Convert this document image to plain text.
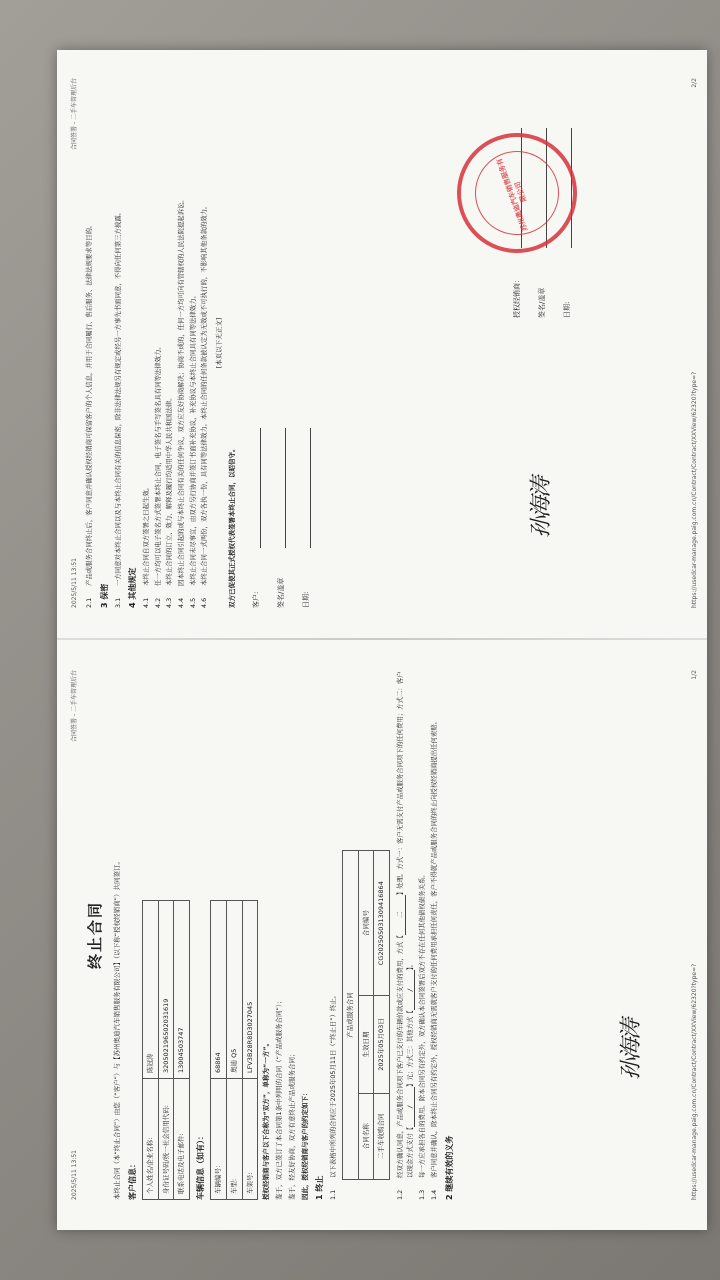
2025/5/11 13:51
合同签署 - 二手车管理后台
终止合同 本终止合同（本“终止合同”）由您（“客户”）与【苏州奥迪汽车销售服务有限公司】（以下称“授权经销商”）共同签订。 客户信息： 个人姓名/企业名称:	陈冠涛
身份证号码/统一社会信用代码:	320502196502031619
联系电话及电子邮件:	13004503747
车辆信息（如有）： 车辆编号：	68864
车型:	奥迪 Q5
车架号:	LFV3B28R8D3027045
授权经销商与客户以下合称为“双方”，单称为“一方”。 鉴于，双方已签订了本合同第1条中列明的合同（“产品或服务合同”）； 鉴于，经友好协商，双方有意终止产品或服务合同； 因此，授权经销商与客户的约定如下： 1 终止 1.1
以下表格中所列的合同应于2025年05月11日（“终止日”）终止。 产品或服务合同		
合同名称	生效日期	合同编号
二手车收购合同	2025年05月03日	CG202505031309416864
1.2
经双方确认同意，产品或服务合同项下客户已支付的车辆价款或应支付的费用，方式【二】处理。方式一：客户无需支付产品或服务合同项下的任何费用；方式二：客户以现金方式支付【/】元；方式三：其他方式【/】。
孙海涛
1.3
每一方应承担各自的费用。除本合同另有约定外，双方确认本合同签署后双方不存在任何其他债权债务关系。
1.4
客户同意并确认，除本终止合同另有约定外，授权经销商无需就客户支付的任何费用承担任何责任，客户不得就产品或服务合同的终止向授权经销商提出任何索赔。 2 继续有效的义务	https://usedcar-manage.paig.com.cn/Contract/Contract/XXView/62320?type=?
1/2
2025/5/11 13:51
合同签署 - 二手车管理后台
2.1
产品或服务合同终止后，客户同意并确认授权经销商可保留客户的个人信息，并用于合同履行、售后服务、法律法规要求等目的。
3 保密 3.1
一方同意对本终止合同以及与本终止合同有关的信息保密，除非法律法规另有规定或经另一方事先书面同意，不得向任何第三方披露。
4 其他规定 4.1
本终止合同自双方签署之日起生效。
4.2
任一方均可以电子签名方式签署本终止合同，电子签名与手写签名具有同等法律效力。
4.3
本终止合同的订立、效力、解释及履行均适用中华人民共和国法律。
4.4
因本终止合同引起的或与本终止合同有关的任何争议，双方应友好协商解决；协商不成的，任何一方均可向有管辖权的人民法院提起诉讼。
4.5
本终止合同未尽事宜，由双方另行协商并签订书面补充协议，补充协议与本终止合同具有同等法律效力。
4.6
本终止合同一式两份，双方各执一份，具有同等法律效力。本终止合同的任何条款被认定为无效或不可执行的，不影响其他条款的效力。 [本页以下无正文]
双方已促使其正式授权代表签署本终止合同，以昭信守。 客户: 签名/盖章 日期:
孙海涛
授权经销商： 签名/盖章 日期:
苏州奥迪汽车销售服务有限公司
https://usedcar-manage.paig.com.cn/Contract/Contract/XXView/62320?type=?
2/2
